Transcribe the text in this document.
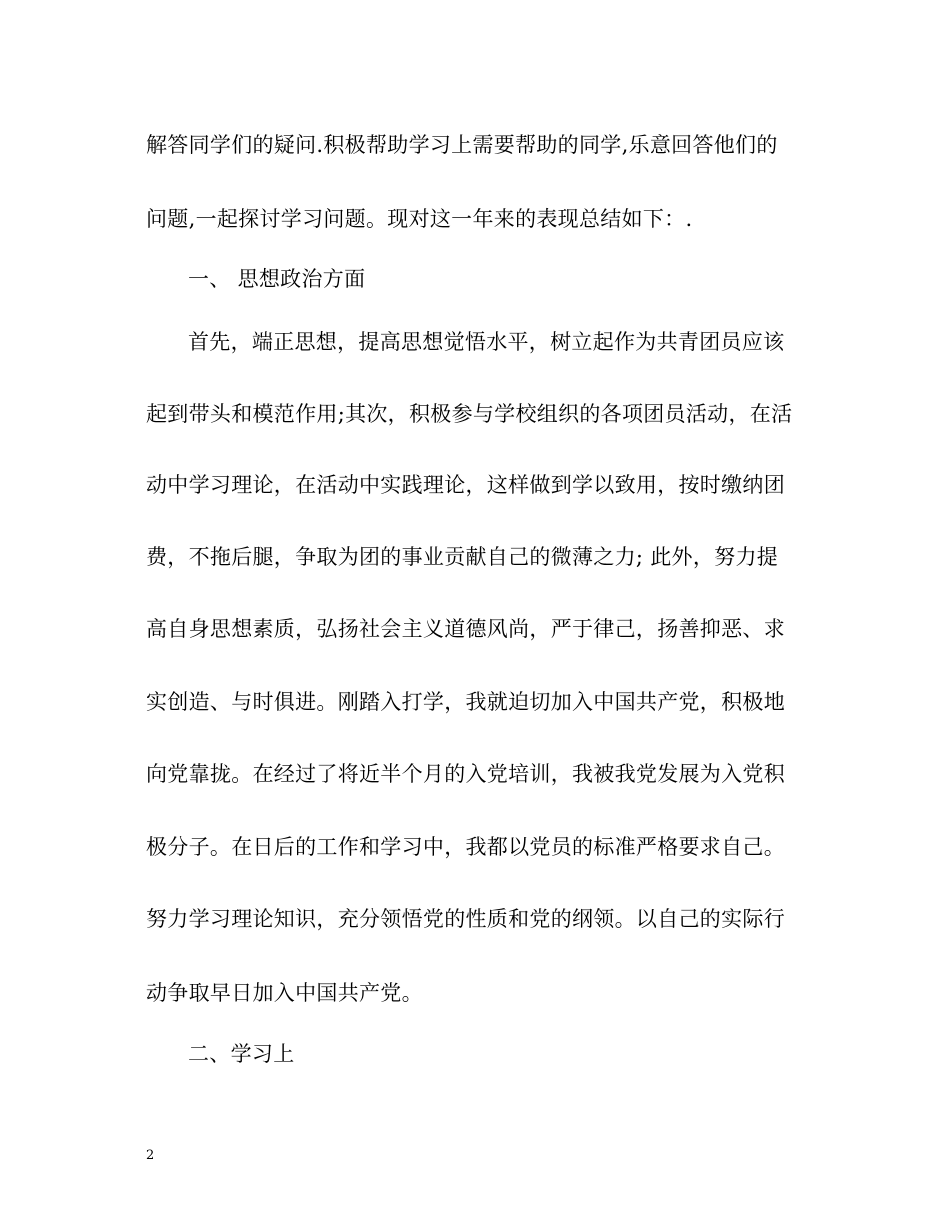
解答同学们的疑问.积极帮助学习上需要帮助的同学,乐意回答他们的
问题,一起探讨学习问题。现对这一年来的表现总结如下：.
一、 思想政治方面
首先，端正思想，提高思想觉悟水平，树立起作为共青团员应该
起到带头和模范作用;其次，积极参与学校组织的各项团员活动，在活
动中学习理论，在活动中实践理论，这样做到学以致用，按时缴纳团
费，不拖后腿，争取为团的事业贡献自己的微薄之力; 此外，努力提
高自身思想素质，弘扬社会主义道德风尚，严于律己，扬善抑恶、求
实创造、与时俱进。刚踏入打学，我就迫切加入中国共产党，积极地
向党靠拢。在经过了将近半个月的入党培训，我被我党发展为入党积
极分子。在日后的工作和学习中，我都以党员的标准严格要求自己。
努力学习理论知识，充分领悟党的性质和党的纲领。以自己的实际行
动争取早日加入中国共产党。
二、学习上
2
